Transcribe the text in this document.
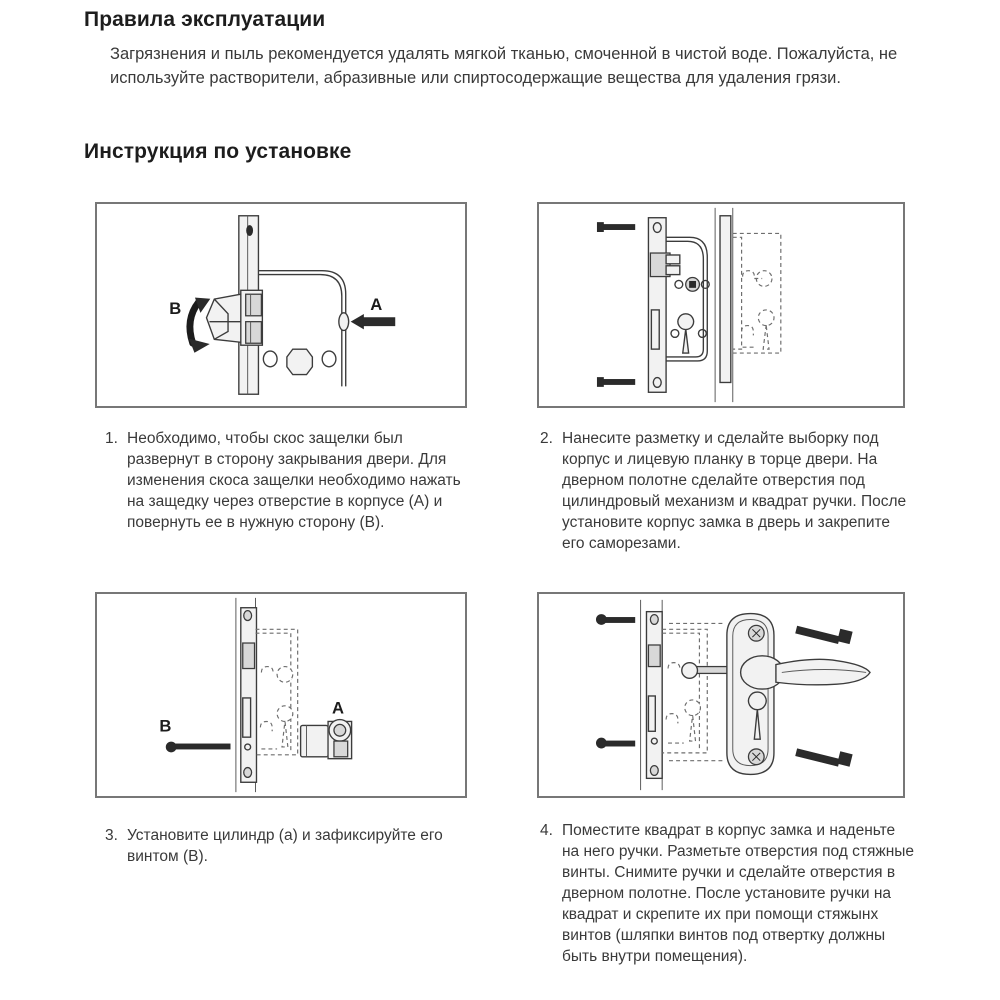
Правила эксплуатации
Загрязнения и пыль рекомендуется удалять мягкой тканью, смоченной в чистой воде. Пожалуйста, не используйте растворители, абразивные или спиртосодержащие вещества для удаления грязи.
Инструкция по установке
A
B
1. Необходимо, чтобы скос защелки был развернут в сторону закрывания двери. Для изменения скоса защелки необходимо нажать на защедку через отверстие в корпусе (A) и повернуть ее в нужную сторону (B).
2. Нанесите разметку и сделайте выборку под корпус и лицевую планку в торце двери. На дверном полотне сделайте отверстия под цилиндровый механизм и квадрат ручки. После установите корпус замка в дверь и закрепите его саморезами.
A
B
3. Установите цилиндр (a) и зафиксируйте его винтом (B).
4. Поместите квадрат в корпус замка и наденьте на него ручки. Разметьте отверстия под стяжные винты. Снимите ручки и сделайте отверстия в дверном полотне. После установите ручки на квадрат и скрепите их при помощи стяжынх винтов (шляпки винтов под отвертку должны быть внутри помещения).
